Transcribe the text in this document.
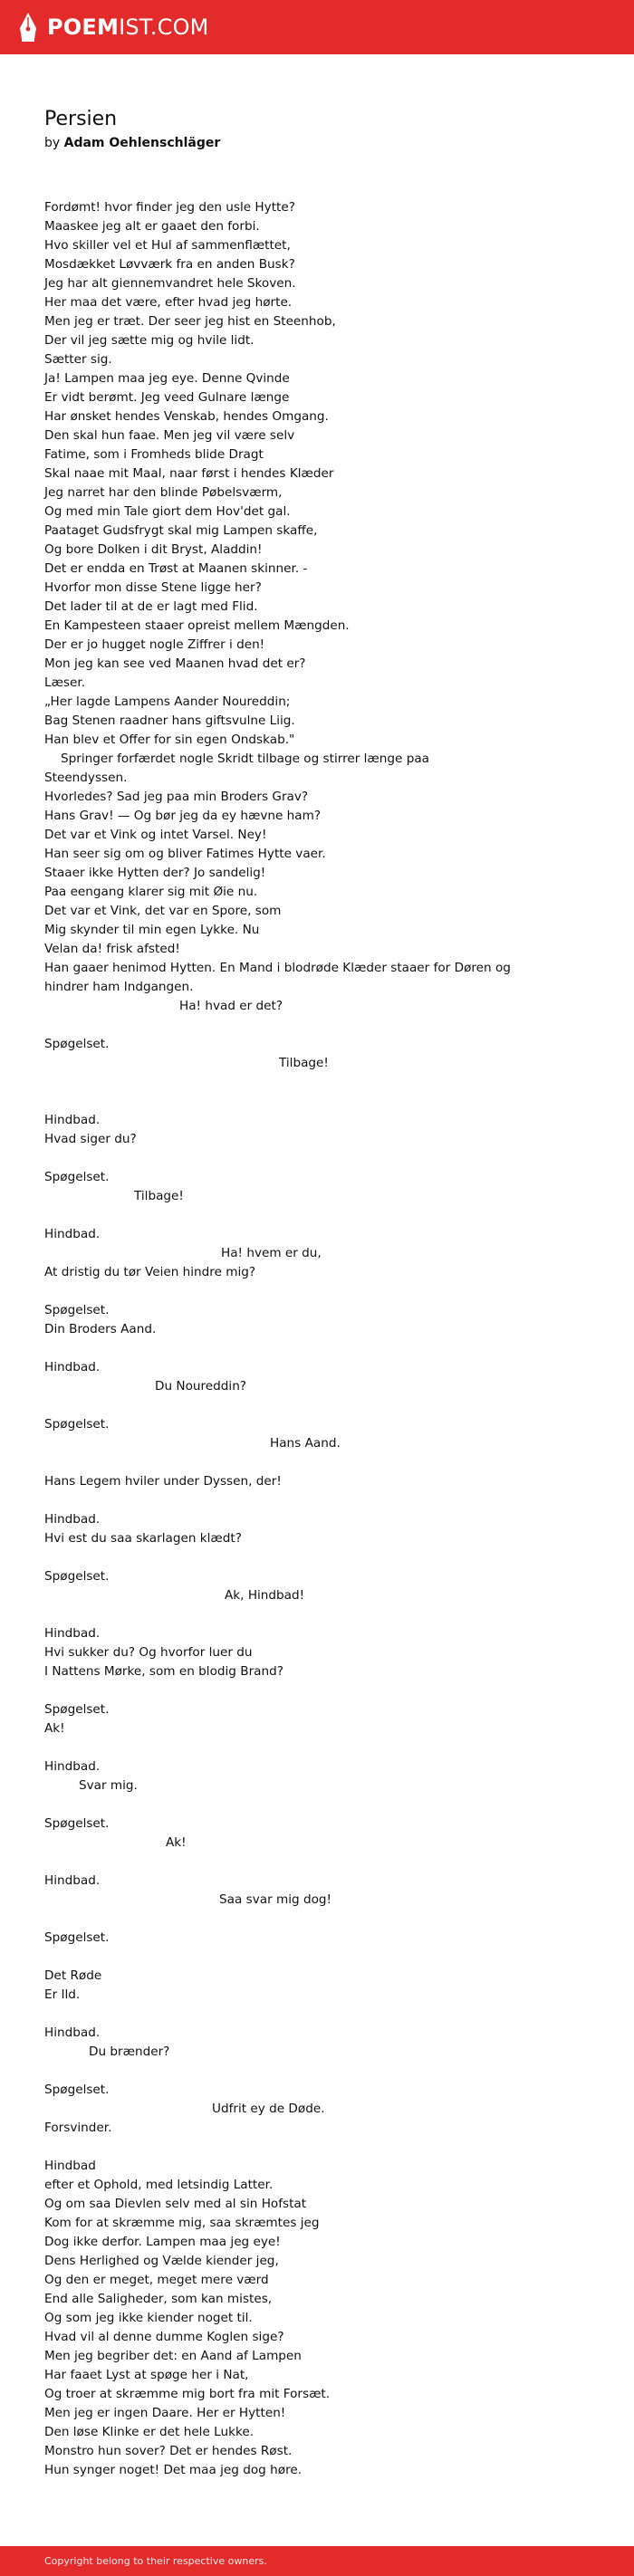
POEMIST.COM
Persien
by Adam Oehlenschläger
Fordømt! hvor finder jeg den usle Hytte?
Maaskee jeg alt er gaaet den forbi.
Hvo skiller vel et Hul af sammenflættet,
Mosdækket Løvværk fra en anden Busk?
Jeg har alt giennemvandret hele Skoven.
Her maa det være, efter hvad jeg hørte.
Men jeg er træt. Der seer jeg hist en Steenhob,
Der vil jeg sætte mig og hvile lidt.
Sætter sig.
Ja! Lampen maa jeg eye. Denne Qvinde
Er vidt berømt. Jeg veed Gulnare længe
Har ønsket hendes Venskab, hendes Omgang.
Den skal hun faae. Men jeg vil være selv
Fatime, som i Fromheds blide Dragt
Skal naae mit Maal, naar først i hendes Klæder
Jeg narret har den blinde Pøbelsværm,
Og med min Tale giort dem Hov'det gal.
Paataget Gudsfrygt skal mig Lampen skaffe,
Og bore Dolken i dit Bryst, Aladdin!
Det er endda en Trøst at Maanen skinner. -
Hvorfor mon disse Stene ligge her?
Det lader til at de er lagt med Flid.
En Kampesteen staaer opreist mellem Mængden.
Der er jo hugget nogle Ziffrer i den!
Mon jeg kan see ved Maanen hvad det er?
Læser.
„Her lagde Lampens Aander Noureddin;
Bag Stenen raadner hans giftsvulne Liig.
Han blev et Offer for sin egen Ondskab."
Springer forfærdet nogle Skridt tilbage og stirrer længe paa
Steendyssen.
Hvorledes? Sad jeg paa min Broders Grav?
Hans Grav! — Og bør jeg da ey hævne ham?
Det var et Vink og intet Varsel. Ney!
Han seer sig om og bliver Fatimes Hytte vaer.
Staaer ikke Hytten der? Jo sandelig!
Paa eengang klarer sig mit Øie nu.
Det var et Vink, det var en Spore, som
Mig skynder til min egen Lykke. Nu
Velan da! frisk afsted!
Han gaaer henimod Hytten. En Mand i blodrøde Klæder staaer for Døren og
hindrer ham Indgangen.
Ha! hvad er det?
Spøgelset.
Tilbage!
Hindbad.
Hvad siger du?
Spøgelset.
Tilbage!
Hindbad.
Ha! hvem er du,
At dristig du tør Veien hindre mig?
Spøgelset.
Din Broders Aand.
Hindbad.
Du Noureddin?
Spøgelset.
Hans Aand.
Hans Legem hviler under Dyssen, der!
Hindbad.
Hvi est du saa skarlagen klædt?
Spøgelset.
Ak, Hindbad!
Hindbad.
Hvi sukker du? Og hvorfor luer du
I Nattens Mørke, som en blodig Brand?
Spøgelset.
Ak!
Hindbad.
Svar mig.
Spøgelset.
Ak!
Hindbad.
Saa svar mig dog!
Spøgelset.
Det Røde
Er Ild.
Hindbad.
Du brænder?
Spøgelset.
Udfrit ey de Døde.
Forsvinder.
Hindbad
efter et Ophold, med letsindig Latter.
Og om saa Dievlen selv med al sin Hofstat
Kom for at skræmme mig, saa skræmtes jeg
Dog ikke derfor. Lampen maa jeg eye!
Dens Herlighed og Vælde kiender jeg,
Og den er meget, meget mere værd
End alle Saligheder, som kan mistes,
Og som jeg ikke kiender noget til.
Hvad vil al denne dumme Koglen sige?
Men jeg begriber det: en Aand af Lampen
Har faaet Lyst at spøge her i Nat,
Og troer at skræmme mig bort fra mit Forsæt.
Men jeg er ingen Daare. Her er Hytten!
Den løse Klinke er det hele Lukke.
Monstro hun sover? Det er hendes Røst.
Hun synger noget! Det maa jeg dog høre.
Copyright belong to their respective owners.
